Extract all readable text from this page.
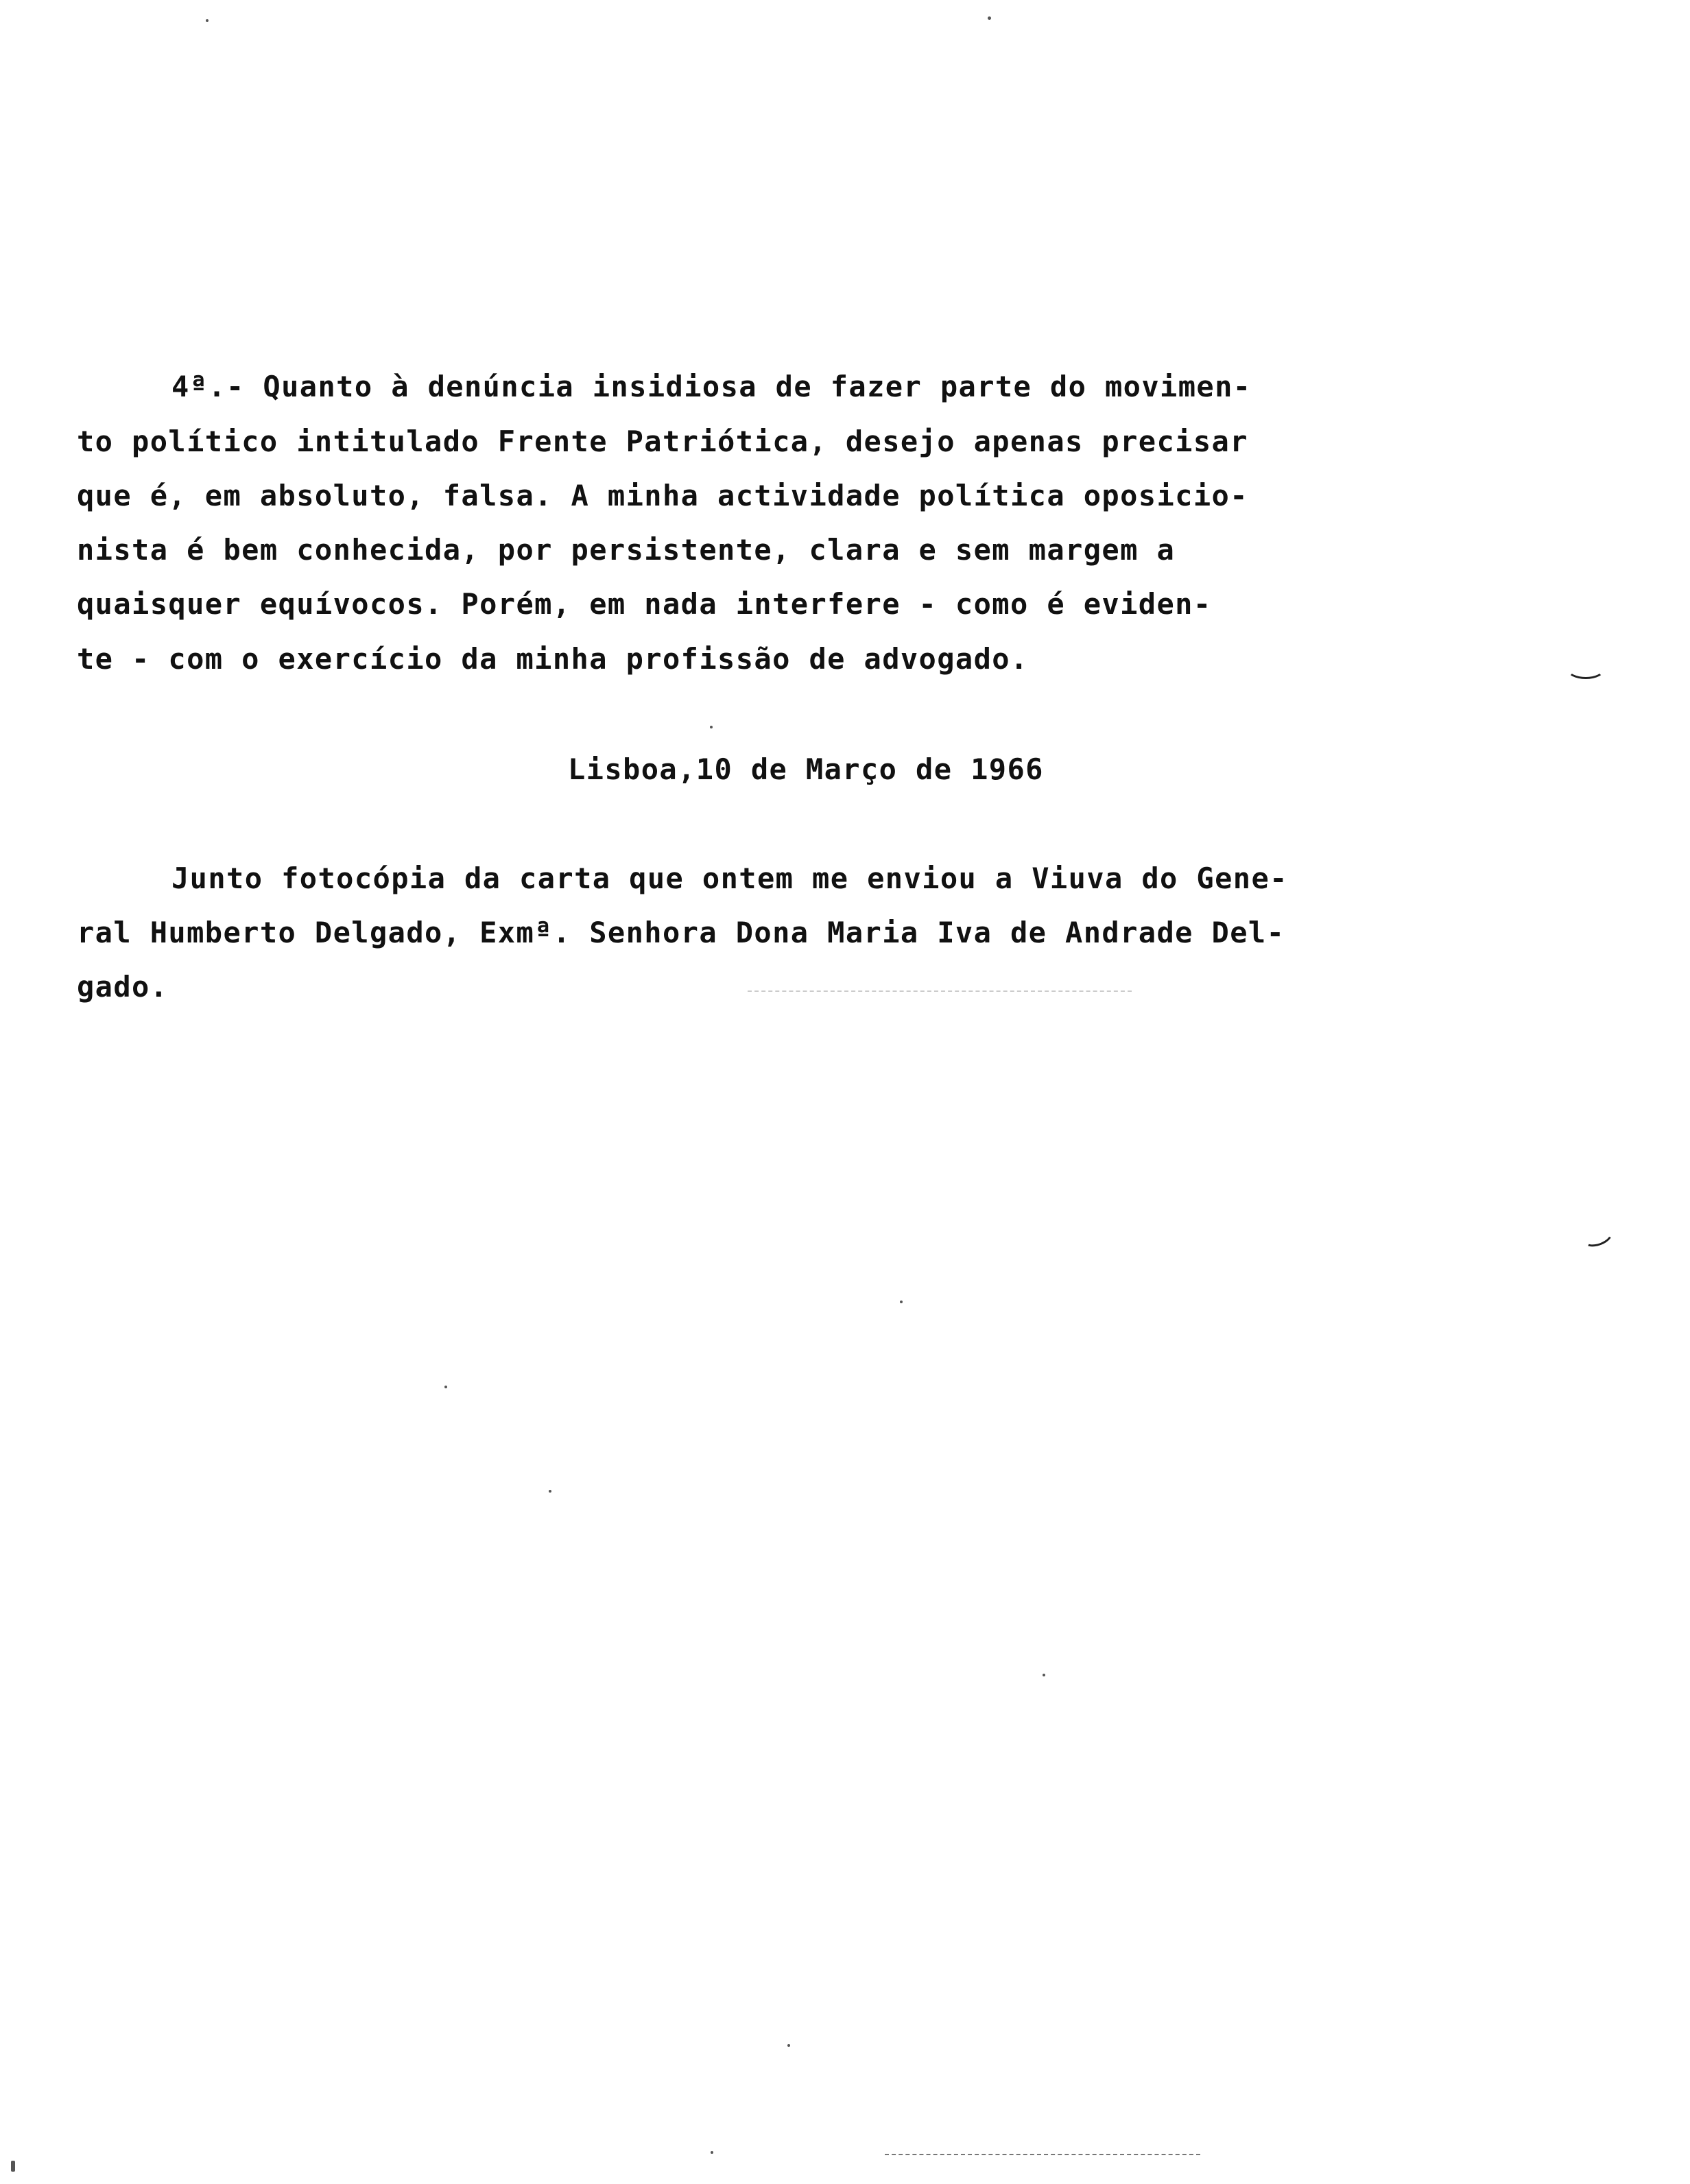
4ª.- Quanto à denúncia insidiosa de fazer parte do movimen-
to político intitulado Frente Patriótica, desejo apenas precisar
que é, em absoluto, falsa. A minha actividade política oposicio-
nista é bem conhecida, por persistente, clara e sem margem a
quaisquer equívocos. Porém, em nada interfere - como é eviden-
te - com o exercício da minha profissão de advogado.
Lisboa,10 de Março de 1966
Junto fotocópia da carta que ontem me enviou a Viuva do Gene-
ral Humberto Delgado, Exmª. Senhora Dona Maria Iva de Andrade Del-
gado.
